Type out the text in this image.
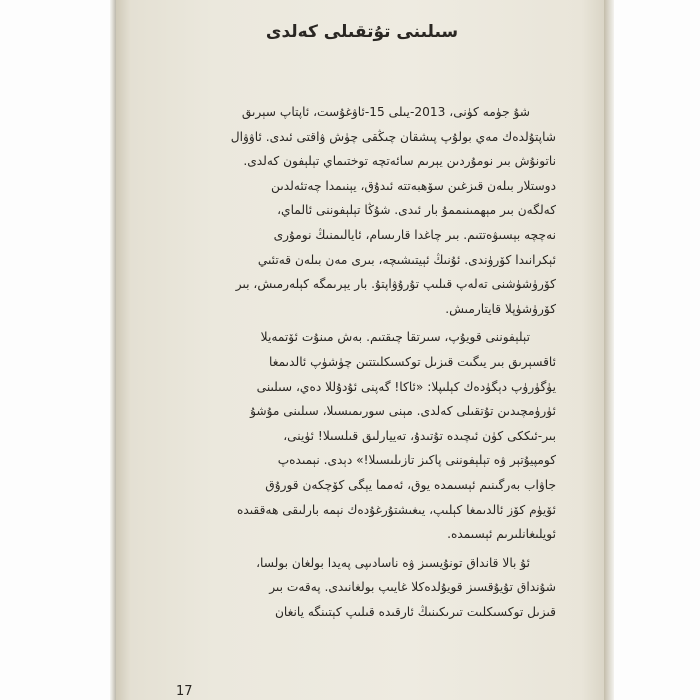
سىلىنى تۇتقىلى كەلدى
شۇ جۈمە كۈنى، 2013-يىلى 15-ئاۋغۇست، ئاپتاپ سېرىق
شاپتۇلدەك مەي بولۇپ پىشقان چىڭقى چۈش ۋاقتى ئىدى. ئاۋۋال
ناتونۇش بىر نومۇردىن يېرىم سائەتچە توختىماي تېلېفون كەلدى.
دوستلار بىلەن قىزغىن سۆھبەتتە ئىدۇق، يېنىمدا چەتئەلدىن
كەلگەن بىر مېھمىنىممۇ بار ئىدى. شۇڭا تېلېفوننى ئالماي،
نەچچە بېسىۋەتتىم. بىر چاغدا قارىسام، ئايالىمنىڭ نومۇرى
ئېكرانىدا كۆرۈندى. ئۇنىڭ ئېيتىشىچە، بىرى مەن بىلەن قەتئىي
كۆرۈشۈشنى تەلەپ قىلىپ تۇرۇۋاپتۇ. بار يېرىمگە كېلەرمىش، بىر
كۆرۈشۈپلا قايتارمىش.
تېلېفوننى قويۇپ، سىرتقا چىقتىم. بەش مىنۇت ئۆتمەيلا
ئاقسېرىق بىر يىگىت قىزىل توكسىكلىتتىن چۈشۈپ ئالدىمغا
يۈگۈرۈپ دېگۈدەك كېلىپلا: «ئاكا! گەپنى ئۇدۇللا دەي، سىلىنى
ئۈرۈمچىدىن تۇتقىلى كەلدى. مېنى سورىمىسىلا، سىلىنى مۇشۇ
بىر-ئىككى كۈن ئىچىدە تۇتىدۇ، تەييارلىق قىلسىلا! ئۈينى،
كومپيۇتېر ۋە تېلېفوننى پاكىز تازىلىسىلا!» دېدى. نېمىدەپ
جاۋاب بەرگىنىم ئېسىمدە يوق، ئەمما يېگى كۆچكەن قورۇق
ئۆيۈم كۆز ئالدىمغا كېلىپ، يىغىشتۇرغۇدەك نېمە بارلىقى ھەققىدە
ئويلىغانلىرىم ئېسىمدە.
ئۇ بالا قانداق تونۇيسىز ۋە ناسادىپى پەيدا بولغان بولسا،
شۇنداق تۇيۇقسىز قويۇلدەكلا غايىپ بولغانىدى. پەقەت بىر
قىزىل توكسىكلىت تىرىكىنىڭ ئارقىدە قىلىپ كېتىنگە يانغان
17
